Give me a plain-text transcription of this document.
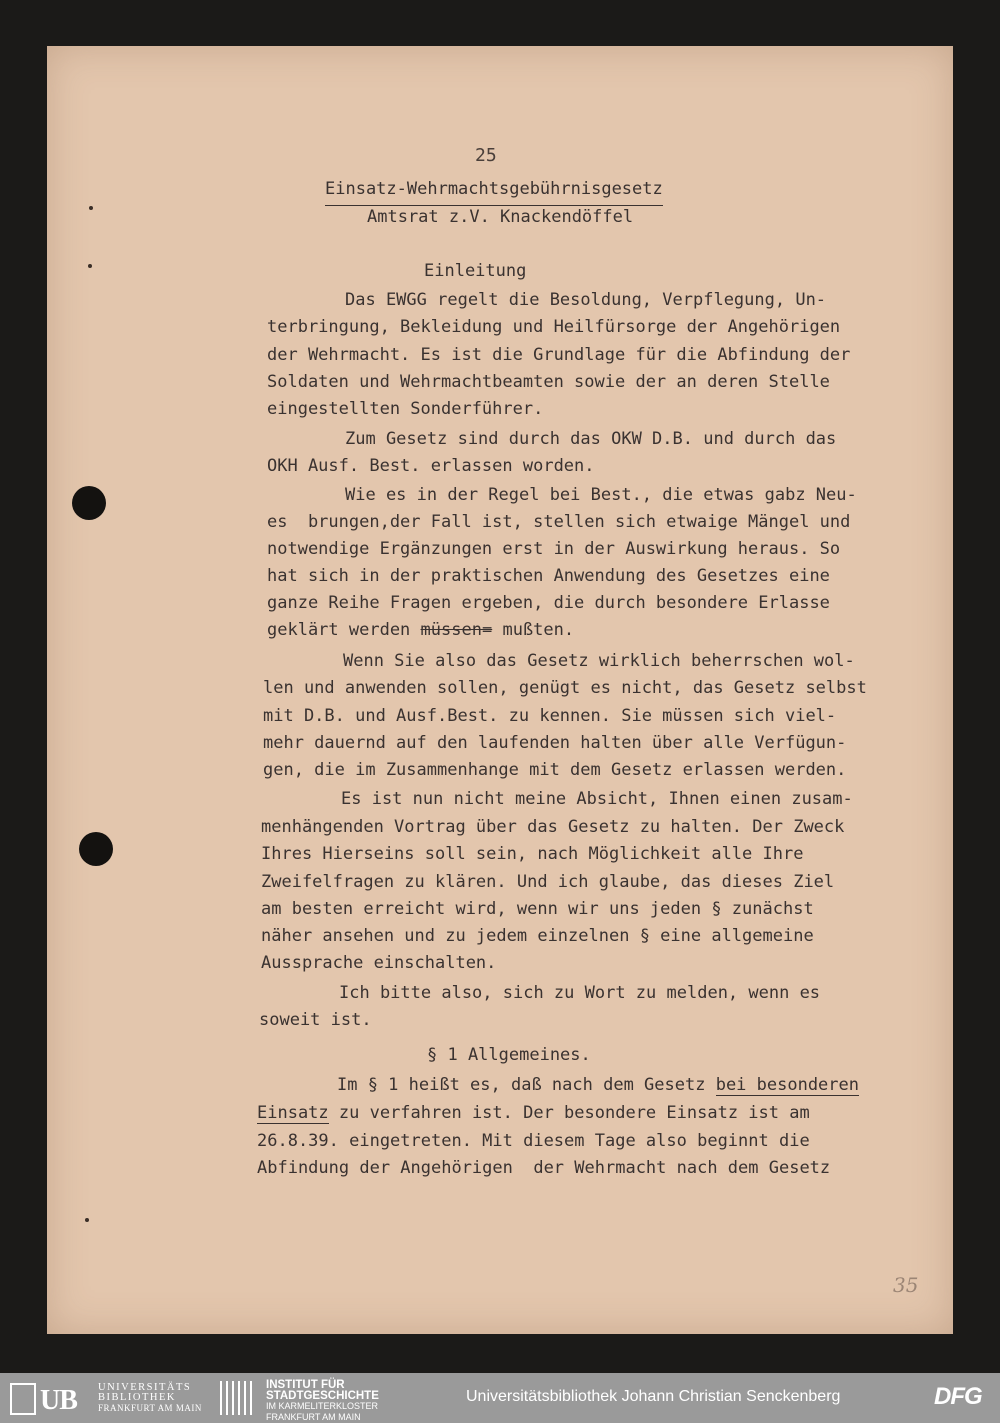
25
Einsatz-Wehrmachtsgebührnisgesetz
Amtsrat z.V. Knackendöffel
Einleitung
Das EWGG regelt die Besoldung, Verpflegung, Un-
terbringung, Bekleidung und Heilfürsorge der Angehörigen
der Wehrmacht. Es ist die Grundlage für die Abfindung der
Soldaten und Wehrmachtbeamten sowie der an deren Stelle
eingestellten Sonderführer.
Zum Gesetz sind durch das OKW D.B. und durch das
OKH Ausf. Best. erlassen worden.
Wie es in der Regel bei Best., die etwas gabz Neu-
es  brungen,der Fall ist, stellen sich etwaige Mängel und
notwendige Ergänzungen erst in der Auswirkung heraus. So
hat sich in der praktischen Anwendung des Gesetzes eine
ganze Reihe Fragen ergeben, die durch besondere Erlasse
geklärt werden müssen= mußten.
Wenn Sie also das Gesetz wirklich beherrschen wol-
len und anwenden sollen, genügt es nicht, das Gesetz selbst
mit D.B. und Ausf.Best. zu kennen. Sie müssen sich viel-
mehr dauernd auf den laufenden halten über alle Verfügun-
gen, die im Zusammenhange mit dem Gesetz erlassen werden.
Es ist nun nicht meine Absicht, Ihnen einen zusam-
menhängenden Vortrag über das Gesetz zu halten. Der Zweck
Ihres Hierseins soll sein, nach Möglichkeit alle Ihre
Zweifelfragen zu klären. Und ich glaube, das dieses Ziel
am besten erreicht wird, wenn wir uns jeden § zunächst
näher ansehen und zu jedem einzelnen § eine allgemeine
Aussprache einschalten.
Ich bitte also, sich zu Wort zu melden, wenn es
soweit ist.
§ 1 Allgemeines.
Im § 1 heißt es, daß nach dem Gesetz bei besonderen
Einsatz zu verfahren ist. Der besondere Einsatz ist am
26.8.39. eingetreten. Mit diesem Tage also beginnt die
Abfindung der Angehörigen  der Wehrmacht nach dem Gesetz
35
UB UNIVERSITÄTS
BIBLIOTHEK
FRANKFURT AM MAIN
INSTITUT FÜR
STADTGESCHICHTE
IM KARMELITERKLOSTER
FRANKFURT AM MAIN
Universitätsbibliothek Johann Christian Senckenberg	DFG
